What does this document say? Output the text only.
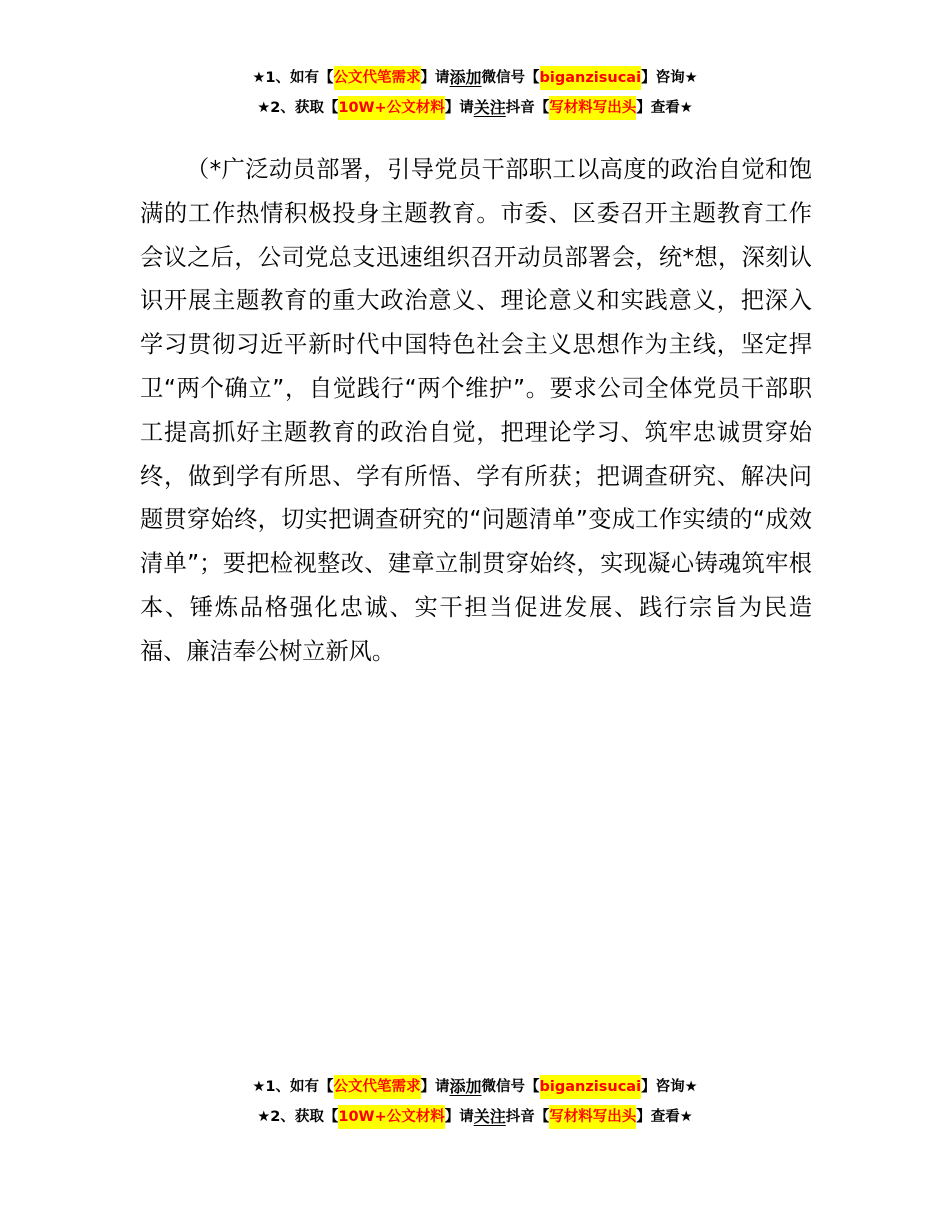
★ 1、如有【 公文代笔需求 】请 添加 微信号【 biganzisucai 】咨询 ★
★ 2、获取【 10W+公文材料 】请 关注 抖音【 写材料写出头 】查看 ★

（*广泛动员部署，引导党员干部职工以高度的政治自觉和饱满的工作热情积极投身主题教育。市委、区委召开主题教育工作会议之后，公司党总支迅速组织召开动员部署会，统*想，深刻认识开展主题教育的重大政治意义、理论意义和实践意义，把深入学习贯彻习近平新时代中国特色社会主义思想作为主线，坚定捍卫“两个确立”，自觉践行“两个维护”。要求公司全体党员干部职工提高抓好主题教育的政治自觉，把理论学习、筑牢忠诚贯穿始终，做到学有所思、学有所悟、学有所获；把调查研究、解决问题贯穿始终，切实把调查研究的“问题清单”变成工作实绩的“成效清单”；要把检视整改、建章立制贯穿始终，实现凝心铸魂筑牢根本、锤炼品格强化忠诚、实干担当促进发展、践行宗旨为民造福、廉洁奉公树立新风。

★ 1、如有【 公文代笔需求 】请 添加 微信号【 biganzisucai 】咨询 ★
★ 2、获取【 10W+公文材料 】请 关注 抖音【 写材料写出头 】查看 ★
